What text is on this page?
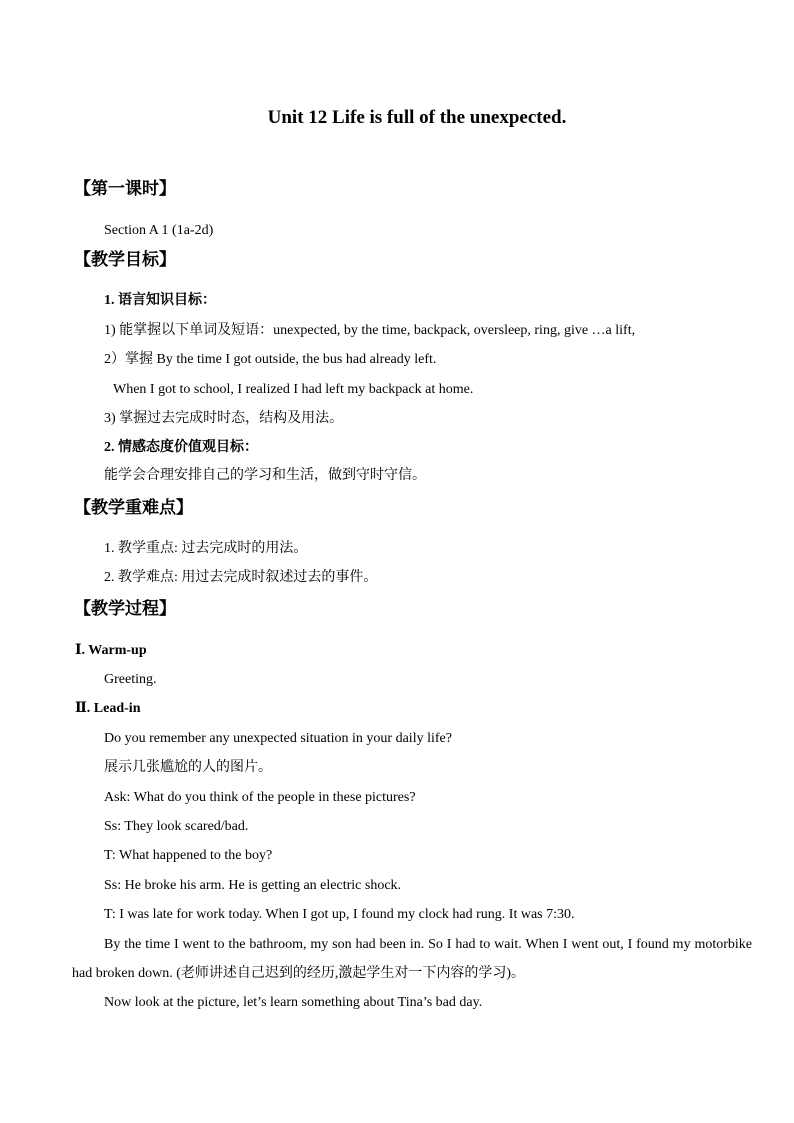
Unit 12 Life is full of the unexpected.
【第一课时】
Section A 1 (1a-2d)
【教学目标】
1. 语言知识目标：
1) 能掌握以下单词及短语：unexpected, by the time, backpack, oversleep, ring, give …a lift,
2）掌握 By the time I got outside, the bus had already left.
When I got to school, I realized I had left my backpack at home.
3) 掌握过去完成时时态，结构及用法。
2. 情感态度价值观目标：
能学会合理安排自己的学习和生活，做到守时守信。
【教学重难点】
1. 教学重点: 过去完成时的用法。
2. 教学难点: 用过去完成时叙述过去的事件。
【教学过程】
Ⅰ. Warm-up
Greeting.
Ⅱ. Lead-in
Do you remember any unexpected situation in your daily life?
展示几张尴尬的人的图片。
Ask: What do you think of the people in these pictures?
Ss: They look scared/bad.
T: What happened to the boy?
Ss: He broke his arm. He is getting an electric shock.
T: I was late for work today. When I got up, I found my clock had rung. It was 7:30.
By the time I went to the bathroom, my son had been in. So I had to wait. When I went out, I found my motorbike had broken down. (老师讲述自己迟到的经历,激起学生对一下内容的学习)。
Now look at the picture, let’s learn something about Tina’s bad day.
